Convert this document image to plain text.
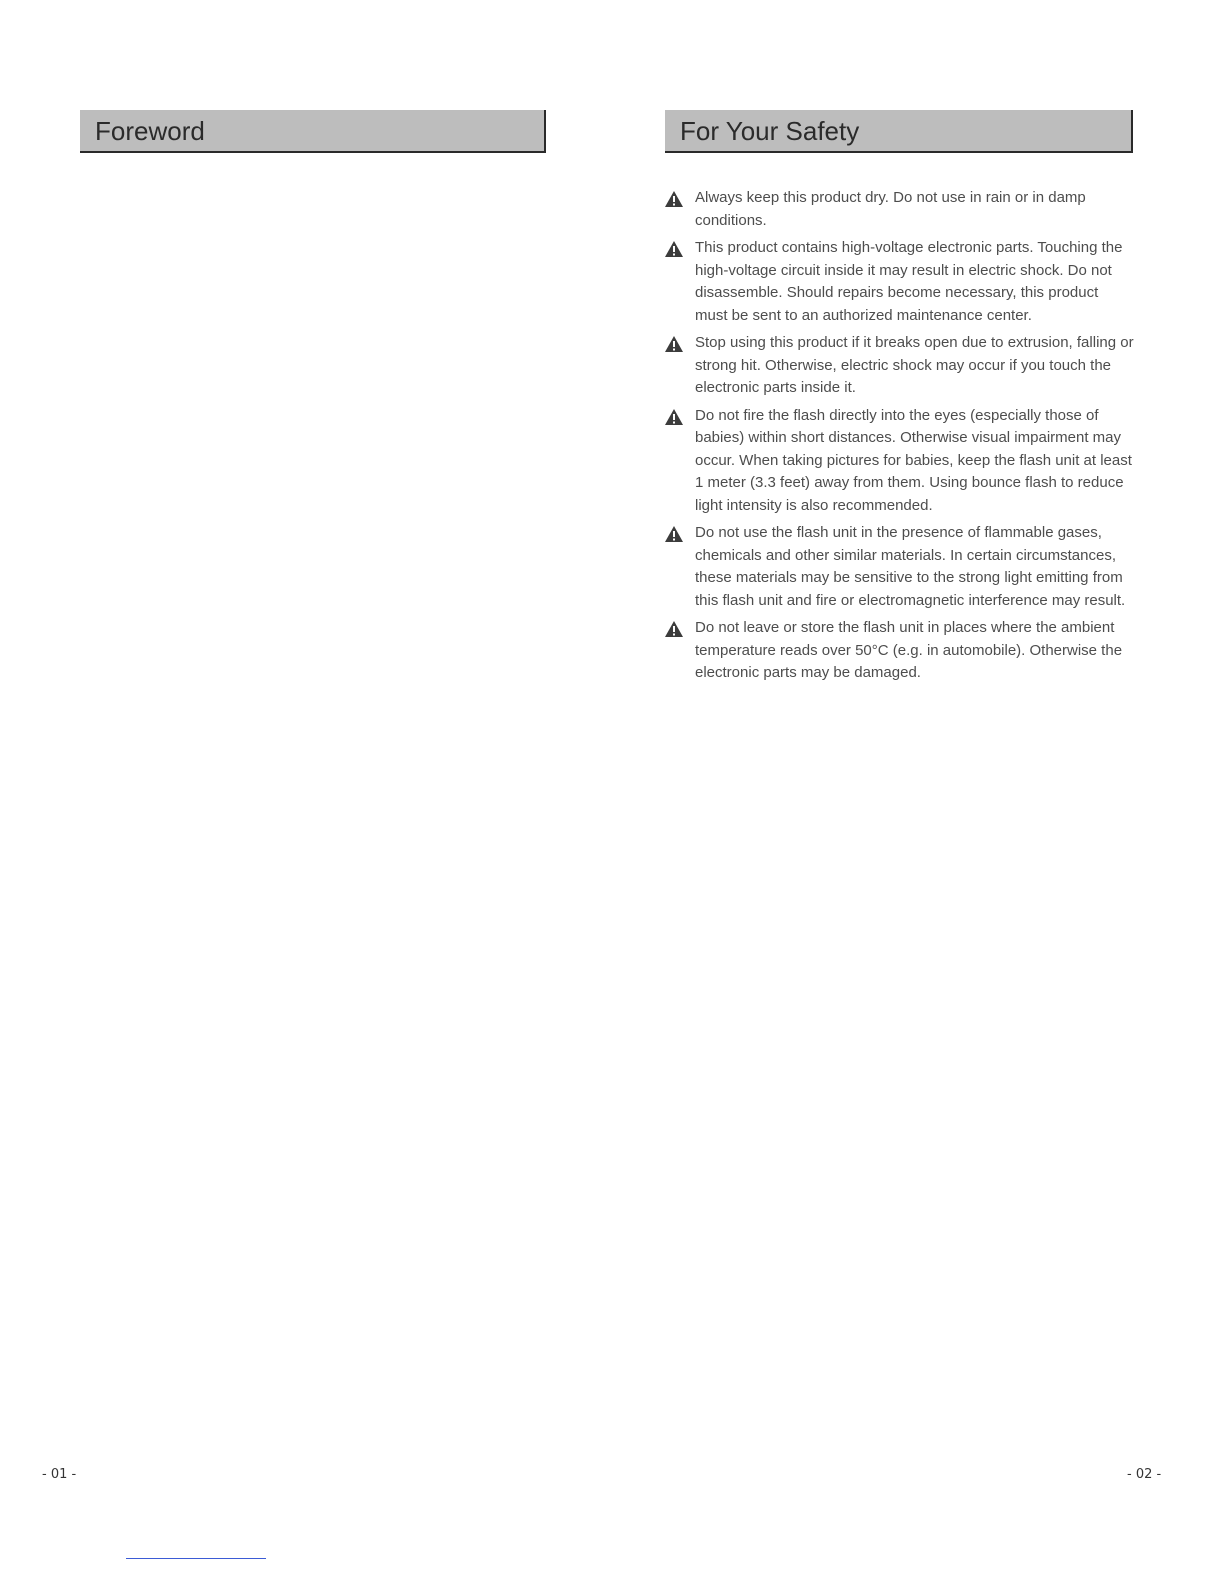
Foreword	For Your Safety
Always keep this product dry. Do not use in rain or in damp conditions.
This product contains high-voltage electronic parts. Touching the high-voltage circuit inside it may result in electric shock. Do not disassemble. Should repairs become necessary, this product must be sent to an authorized maintenance center.
Stop using this product if it breaks open due to extrusion, falling or strong hit. Otherwise, electric shock may occur if you touch the electronic parts inside it.
Do not fire the flash directly into the eyes (especially those of babies) within short distances. Otherwise visual impairment may occur. When taking pictures for babies, keep the flash unit at least 1 meter (3.3 feet) away from them. Using bounce flash to reduce light intensity is also recommended.
Do not use the flash unit in the presence of flammable gases, chemicals and other similar materials. In certain circumstances, these materials may be sensitive to the strong light emitting from this flash unit and fire or electromagnetic interference may result.
Do not leave or store the flash unit in places where the ambient temperature reads over 50°C (e.g. in automobile). Otherwise the electronic parts may be damaged.
- 01 -	- 02 -
